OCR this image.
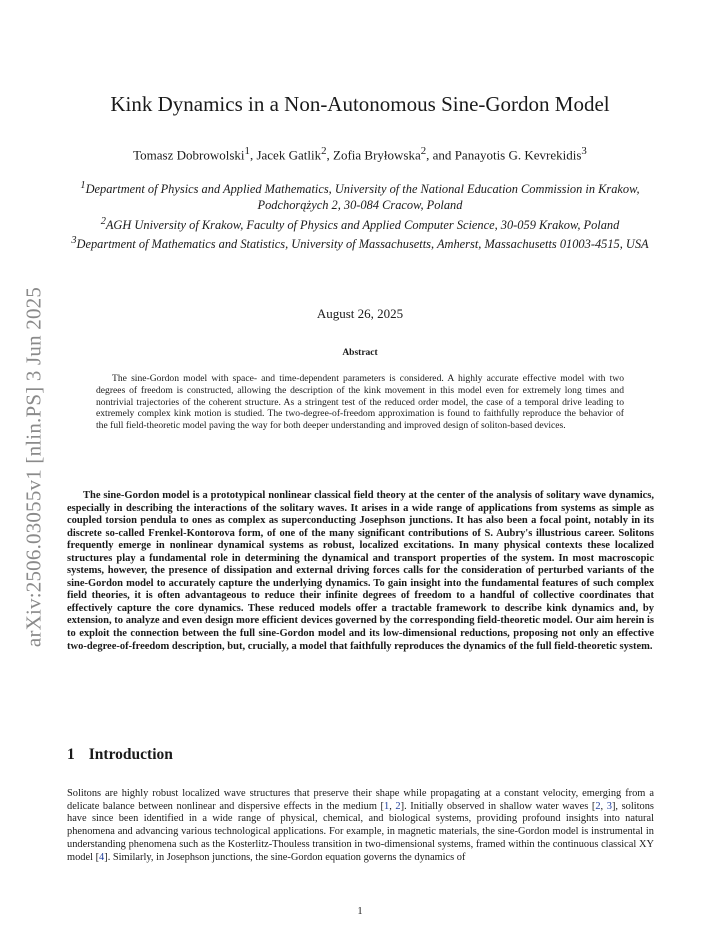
arXiv:2506.03055v1 [nlin.PS] 3 Jun 2025
Kink Dynamics in a Non-Autonomous Sine-Gordon Model
Tomasz Dobrowolski$^1$, Jacek Gatlik$^2$, Zofia Bryłowska$^2$, and Panayotis G. Kevrekidis$^3$

$^1$Department of Physics and Applied Mathematics, University of the National Education Commission in Krakow, Podchorążych 2, 30-084 Cracow, Poland

$^2$AGH University of Krakow, Faculty of Physics and Applied Computer Science, 30-059 Krakow, Poland

$^3$Department of Mathematics and Statistics, University of Massachusetts, Amherst, Massachusetts 01003-4515, USA

August 26, 2025
Abstract
The sine-Gordon model with space- and time-dependent parameters is considered. A highly accurate effective model with two degrees of freedom is constructed, allowing the description of the kink movement in this model even for extremely long times and nontrivial trajectories of the coherent structure. As a stringent test of the reduced order model, the case of a temporal drive leading to extremely complex kink motion is studied. The two-degree-of-freedom approximation is found to faithfully reproduce the behavior of the full field-theoretic model paving the way for both deeper understanding and improved design of soliton-based devices.
The sine-Gordon model is a prototypical nonlinear classical field theory at the center of the analysis of solitary wave dynamics, especially in describing the interactions of the solitary waves. It arises in a wide range of applications from systems as simple as coupled torsion pendula to ones as complex as superconducting Josephson junctions. It has also been a focal point, notably in its discrete so-called Frenkel-Kontorova form, of one of the many significant contributions of S. Aubry's illustrious career. Solitons frequently emerge in nonlinear dynamical systems as robust, localized excitations. In many physical contexts these localized structures play a fundamental role in determining the dynamical and transport properties of the system. In most macroscopic systems, however, the presence of dissipation and external driving forces calls for the consideration of perturbed variants of the sine-Gordon model to accurately capture the underlying dynamics. To gain insight into the fundamental features of such complex field theories, it is often advantageous to reduce their infinite degrees of freedom to a handful of collective coordinates that effectively capture the core dynamics. These reduced models offer a tractable framework to describe kink dynamics and, by extension, to analyze and even design more efficient devices governed by the corresponding field-theoretic model. Our aim herein is to exploit the connection between the full sine-Gordon model and its low-dimensional reductions, proposing not only an effective two-degree-of-freedom description, but, crucially, a model that faithfully reproduces the dynamics of the full field-theoretic system.
1 Introduction
Solitons are highly robust localized wave structures that preserve their shape while propagating at a constant velocity, emerging from a delicate balance between nonlinear and dispersive effects in the medium [1, 2]. Initially observed in shallow water waves [2, 3], solitons have since been identified in a wide range of physical, chemical, and biological systems, providing profound insights into natural phenomena and advancing various technological applications. For example, in magnetic materials, the sine-Gordon model is instrumental in understanding phenomena such as the Kosterlitz-Thouless transition in two-dimensional systems, framed within the continuous classical XY model [4]. Similarly, in Josephson junctions, the sine-Gordon equation governs the dynamics of
1
